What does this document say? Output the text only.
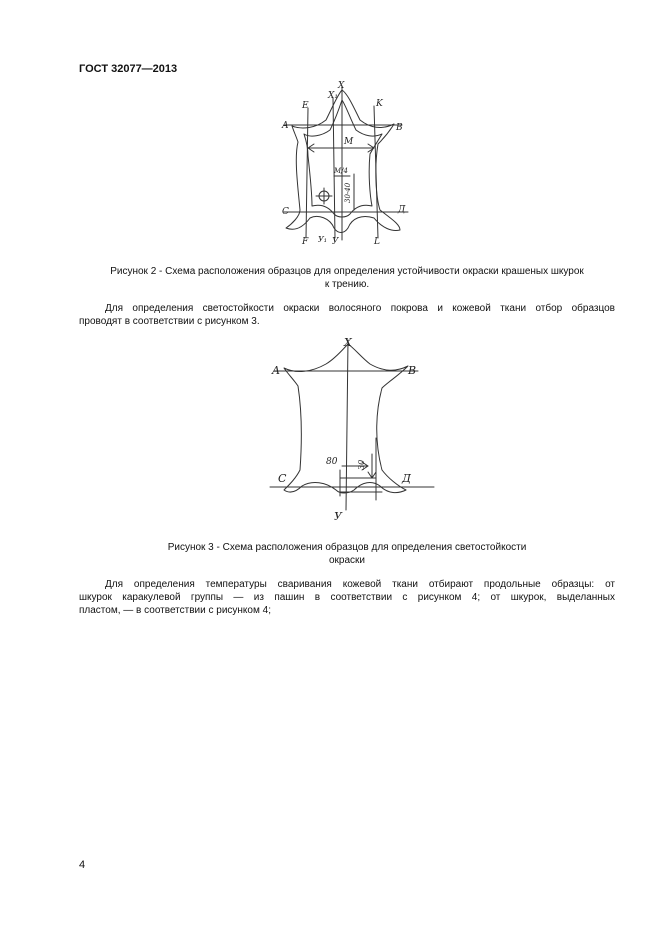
ГОСТ 32077—2013
X
X₁
E	K
A	B
M
M/4
30-40
C	Д
F У₁ У	L
Рисунок 2 - Схема расположения образцов для определения устойчивости окраски крашеных шкурок
к трению.
Для определения светостойкости окраски волосяного покрова и кожевой ткани отбор образцов
проводят в соответствии с рисунком 3.
X
A	B
C	Д
80 30
У
Рисунок 3 - Схема расположения образцов для определения светостойкости
окраски
Для определения температуры сваривания кожевой ткани отбирают продольные образцы: от
шкурок каракулевой группы — из пашин в соответствии с рисунком 4; от шкурок, выделанных
пластом, — в соответствии с рисунком 4;
4
